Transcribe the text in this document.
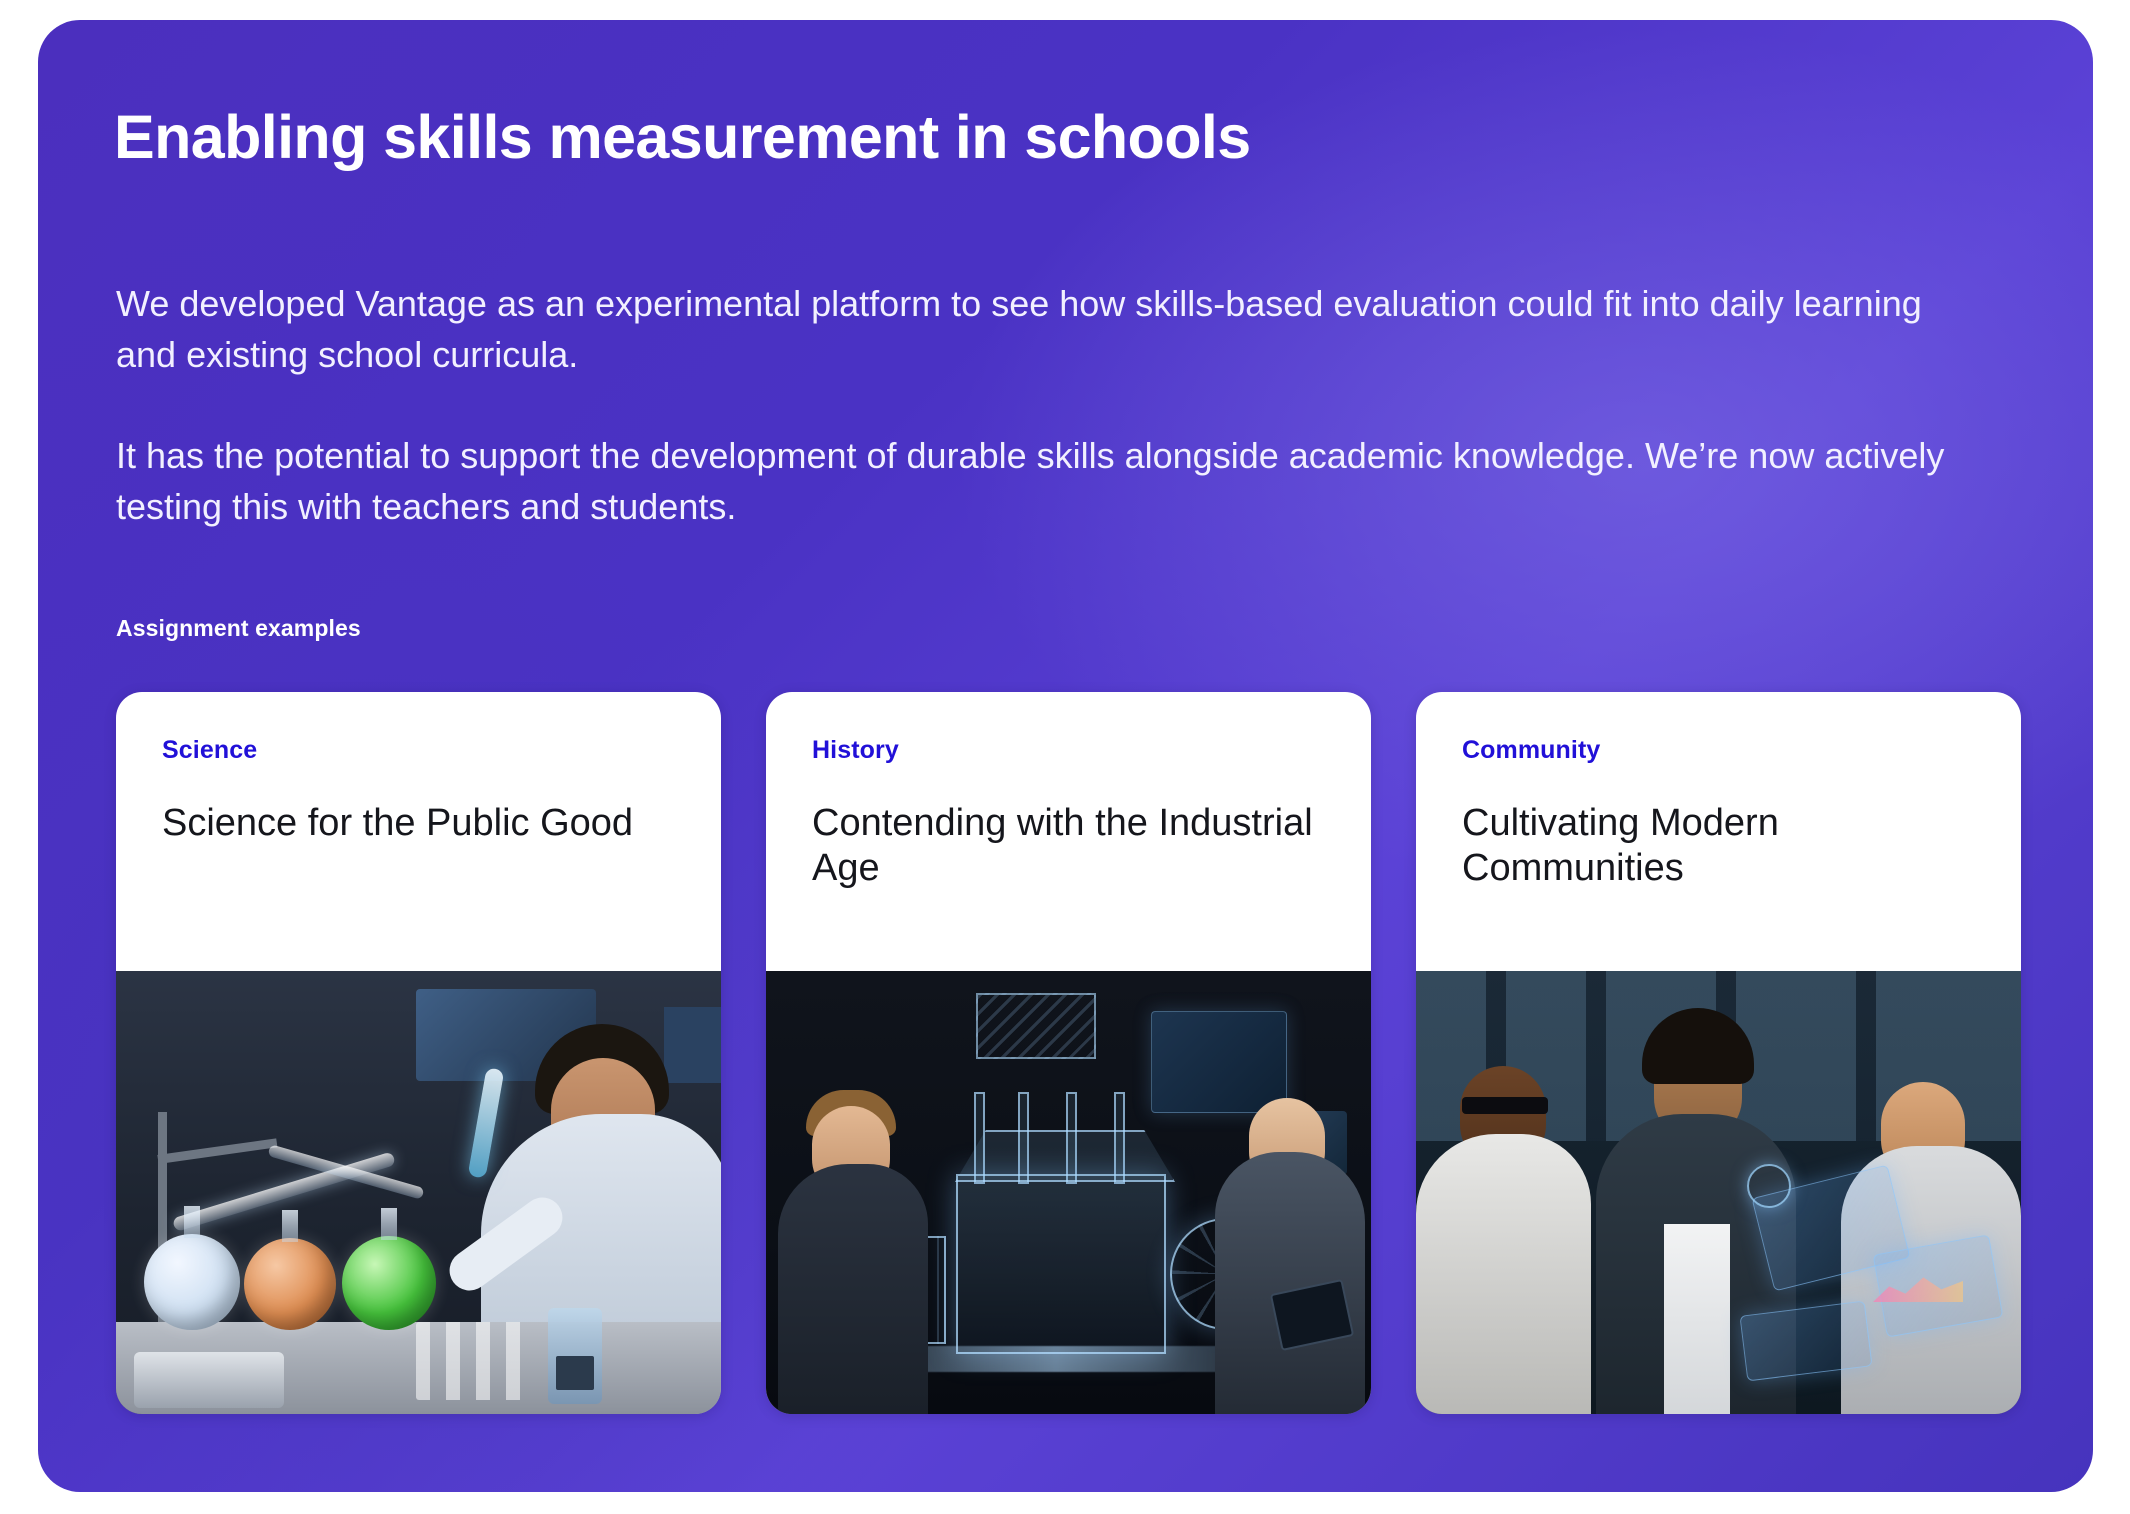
Enabling skills measurement in schools

We developed Vantage as an experimental platform to see how skills-based evaluation could fit into daily learning and existing school curricula.

It has the potential to support the development of durable skills alongside academic knowledge. We’re now actively testing this with teachers and students.

Assignment examples
Science
Science for the Public Good
History
Contending with the Industrial Age
Community
Cultivating Modern Communities
